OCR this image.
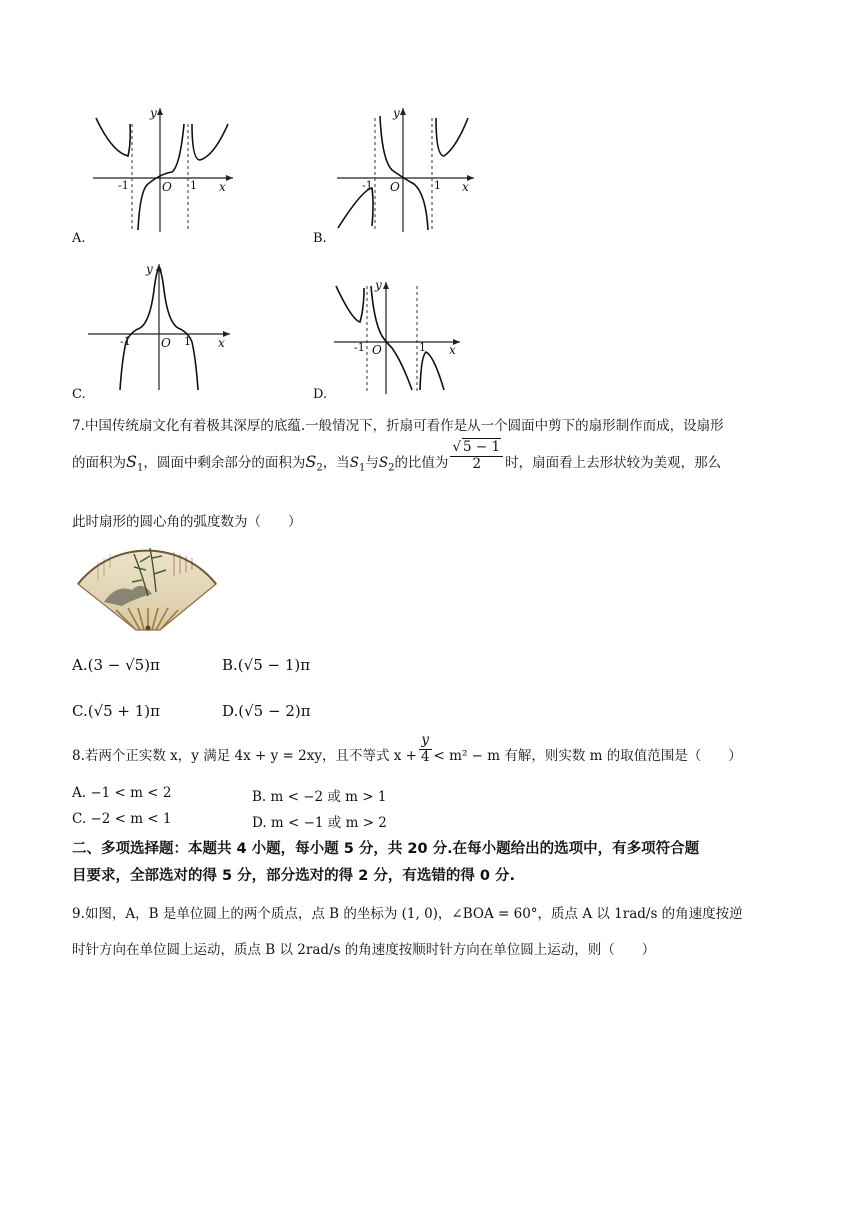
y
x
O
-1	1
A.
y
x
O
-1	1
B.
y
x
O
-1	1
C.
y
x
O
-1	1
D.
7.中国传统扇文化有着极其深厚的底蕴.一般情况下，折扇可看作是从一个圆面中剪下的扇形制作而成，设扇形
的面积为$S_1$，圆面中剩余部分的面积为$S_2$，当$S_1$与$S_2$的比值为 $\frac{√ 5 - 1}{2}$ 时，扇面看上去形状较为美观，那么
此时扇形的圆心角的弧度数为（　　）
A.(3 − √5)π	B.(√5 − 1)π
C.(√5 + 1)π	D.(√5 − 2)π
8.若两个正实数 x，y 满足 4x + y = 2xy，且不等式 $x + \frac{y}{4} < m^2 - m$ 有解，则实数 m 的取值范围是（　　）
A. −1 < m < 2	B. m < −2 或 m > 1
C. −2 < m < 1	D. m < −1 或 m > 2
二、多项选择题：本题共 4 小题，每小题 5 分，共 20 分.在每小题给出的选项中，有多项符合题
目要求，全部选对的得 5 分，部分选对的得 2 分，有选错的得 0 分.
9.如图，A，B 是单位圆上的两个质点，点 B 的坐标为 (1, 0)，∠BOA = 60°，质点 A 以 1rad/s 的角速度按逆
时针方向在单位圆上运动，质点 B 以 2rad/s 的角速度按顺时针方向在单位圆上运动，则（　　）
